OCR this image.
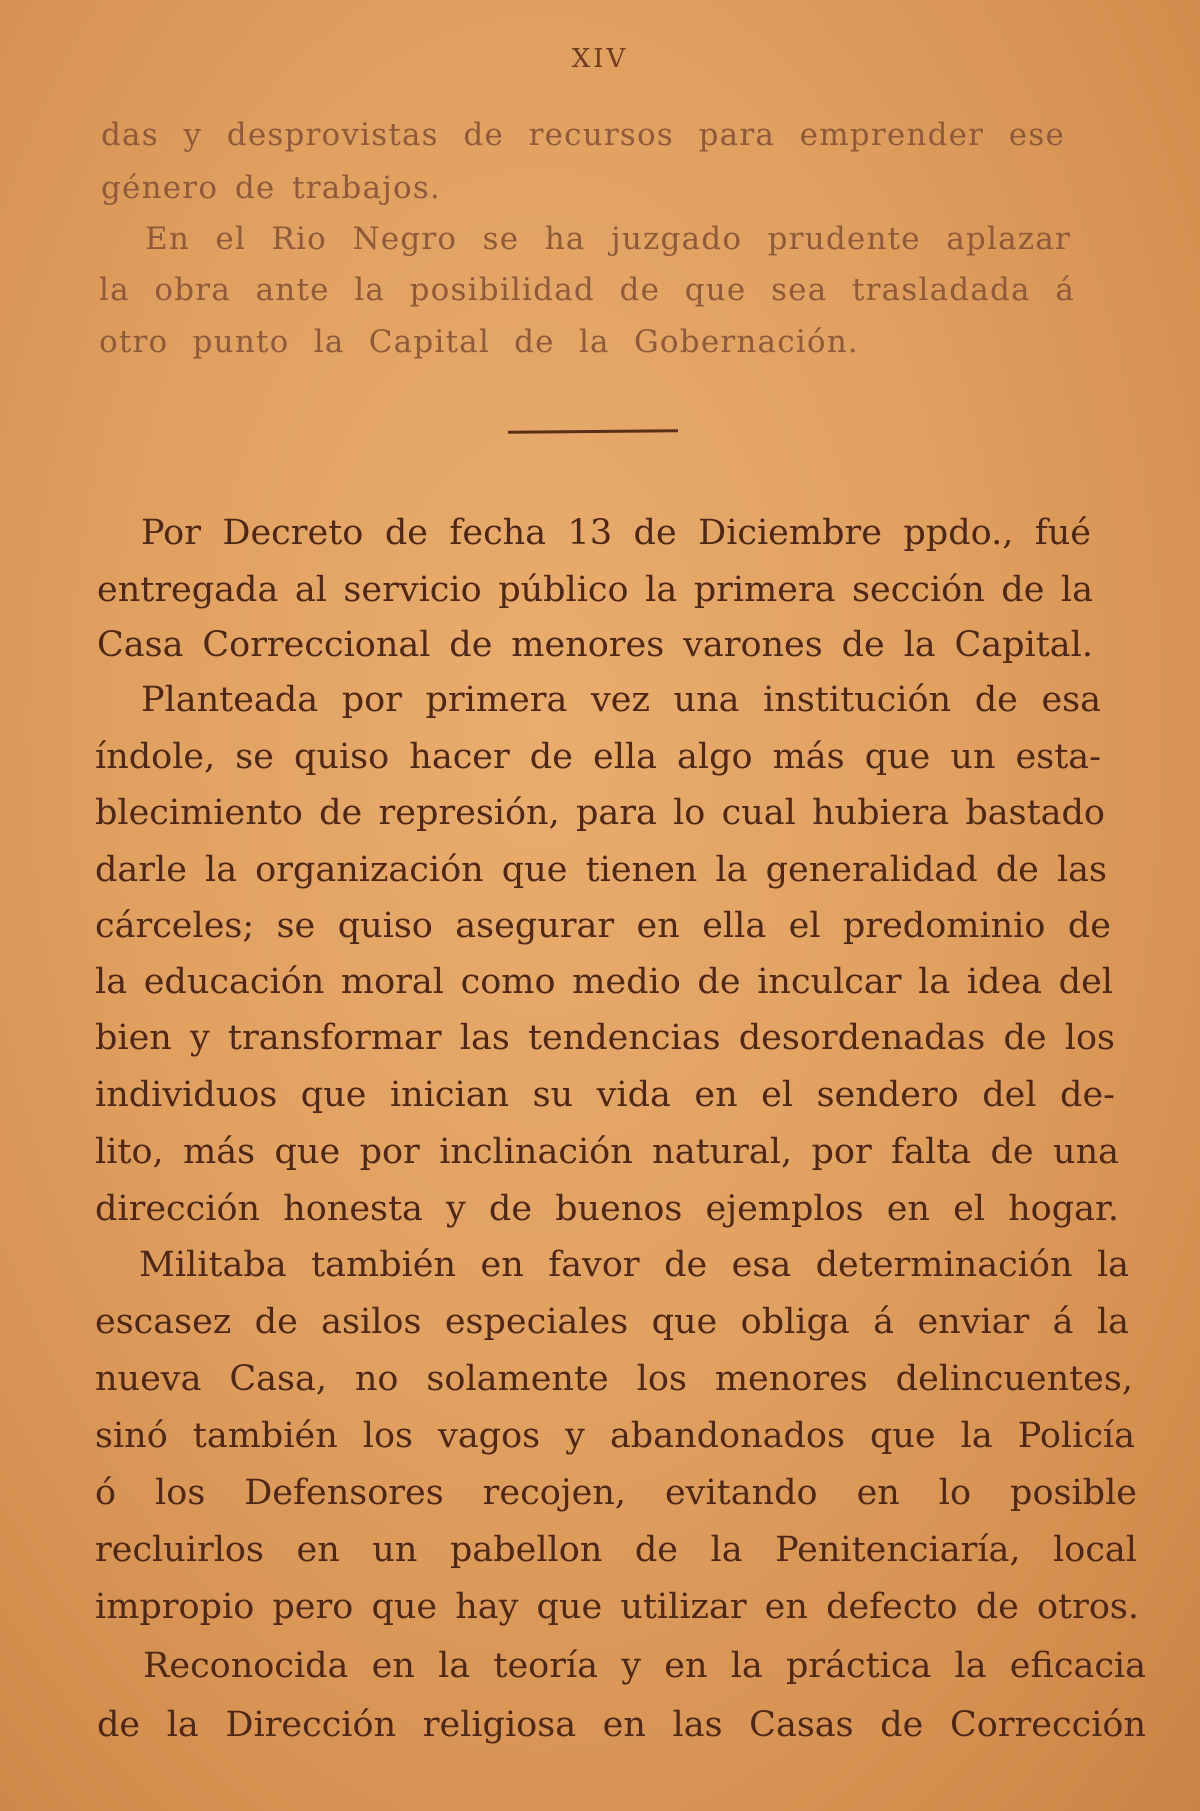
XIV
das y desprovistas de recursos para emprender ese
género de trabajos.
En el Rio Negro se ha juzgado prudente aplazar
la obra ante la posibilidad de que sea trasladada á
otro punto la Capital de la Gobernación.
Por Decreto de fecha 13 de Diciembre ppdo., fué
entregada al servicio público la primera sección de la
Casa Correccional de menores varones de la Capital.
Planteada por primera vez una institución de esa
índole, se quiso hacer de ella algo más que un esta-
blecimiento de represión, para lo cual hubiera bastado
darle la organización que tienen la generalidad de las
cárceles; se quiso asegurar en ella el predominio de
la educación moral como medio de inculcar la idea del
bien y transformar las tendencias desordenadas de los
individuos que inician su vida en el sendero del de-
lito, más que por inclinación natural, por falta de una
dirección honesta y de buenos ejemplos en el hogar.
Militaba también en favor de esa determinación la
escasez de asilos especiales que obliga á enviar á la
nueva Casa, no solamente los menores delincuentes,
sinó también los vagos y abandonados que la Policía
ó los Defensores recojen, evitando en lo posible
recluirlos en un pabellon de la Penitenciaría, local
impropio pero que hay que utilizar en defecto de otros.
Reconocida en la teoría y en la práctica la eficacia
de la Dirección religiosa en las Casas de Corrección
